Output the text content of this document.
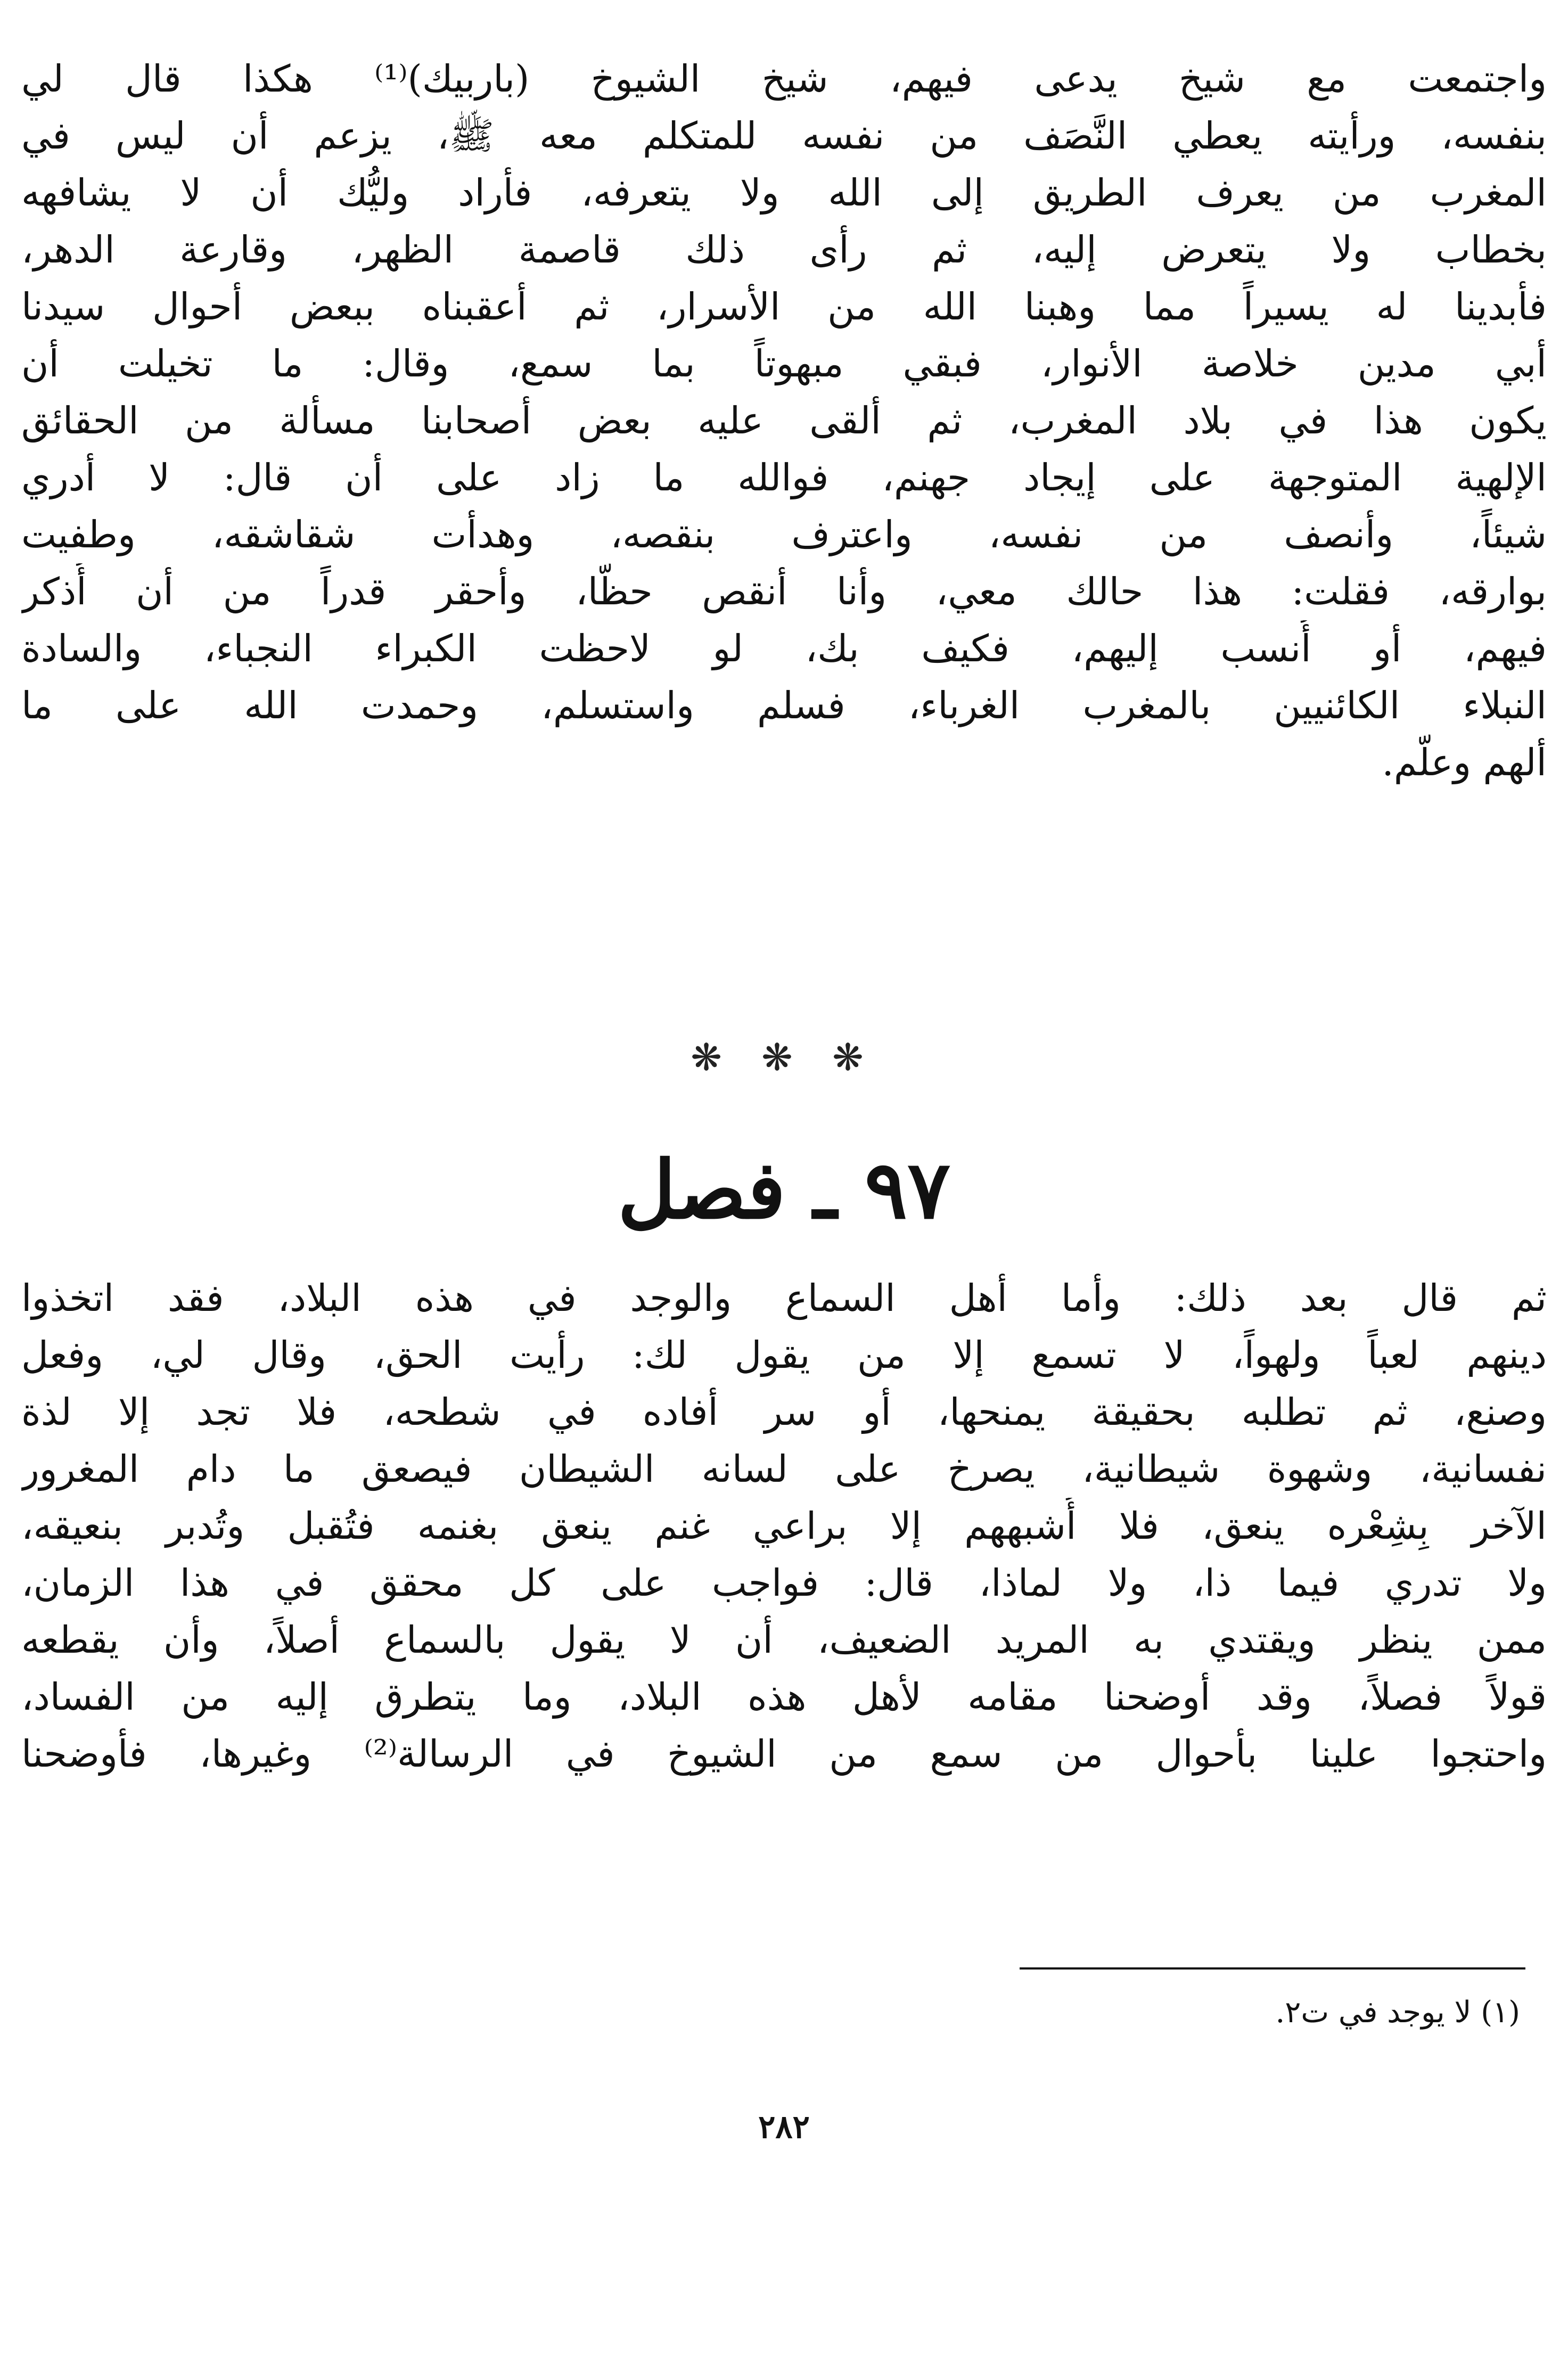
واجتمعت مع شيخ يدعى فيهم، شيخ الشيوخ (باربيك)⁽¹⁾ هكذا قال لي
بنفسه، ورأيته يعطي النَّصَف من نفسه للمتكلم معه ﷺ، يزعم أن ليس في
المغرب من يعرف الطريق إلى الله ولا يتعرفه، فأراد وليُّك أن لا يشافهه
بخطاب ولا يتعرض إليه، ثم رأى ذلك قاصمة الظهر، وقارعة الدهر،
فأبدينا له يسيراً مما وهبنا الله من الأسرار، ثم أعقبناه ببعض أحوال سيدنا
أبي مدين خلاصة الأنوار، فبقي مبهوتاً بما سمع، وقال: ما تخيلت أن
يكون هذا في بلاد المغرب، ثم ألقى عليه بعض أصحابنا مسألة من الحقائق
الإلهية المتوجهة على إيجاد جهنم، فوالله ما زاد على أن قال: لا أدري
شيئاً، وأنصف من نفسه، واعترف بنقصه، وهدأت شقاشقه، وطفيت
بوارقه، فقلت: هذا حالك معي، وأنا أنقص حظًّا، وأحقر قدراً من أن أُذكر
فيهم، أو أُنسب إليهم، فكيف بك، لو لاحظت الكبراء النجباء، والسادة
النبلاء الكائنيين بالمغرب الغرباء، فسلم واستسلم، وحمدت الله على ما
ألهم وعلَّم.
❋ ❋ ❋
٩٧ ـ فصل
ثم قال بعد ذلك: وأما أهل السماع والوجد في هذه البلاد، فقد اتخذوا
دينهم لعباً ولهواً، لا تسمع إلا من يقول لك: رأيت الحق، وقال لي، وفعل
وصنع، ثم تطلبه بحقيقة يمنحها، أو سر أفاده في شطحه، فلا تجد إلا لذة
نفسانية، وشهوة شيطانية، يصرخ على لسانه الشيطان فيصعق ما دام المغرور
الآخر بِشِعْره ينعق، فلا أُشبههم إلا براعي غنم ينعق بغنمه فتُقبل وتُدبر بنعيقه،
ولا تدري فيما ذا، ولا لماذا، قال: فواجب على كل محقق في هذا الزمان،
ممن ينظر ويقتدي به المريد الضعيف، أن لا يقول بالسماع أصلاً، وأن يقطعه
قولاً فصلاً، وقد أوضحنا مقامه لأهل هذه البلاد، وما يتطرق إليه من الفساد،
واحتجوا علينا بأحوال من سمع من الشيوخ في الرسالة⁽²⁾ وغيرها، فأوضحنا
(١) لا يوجد في ت٢.
٢٨٢
